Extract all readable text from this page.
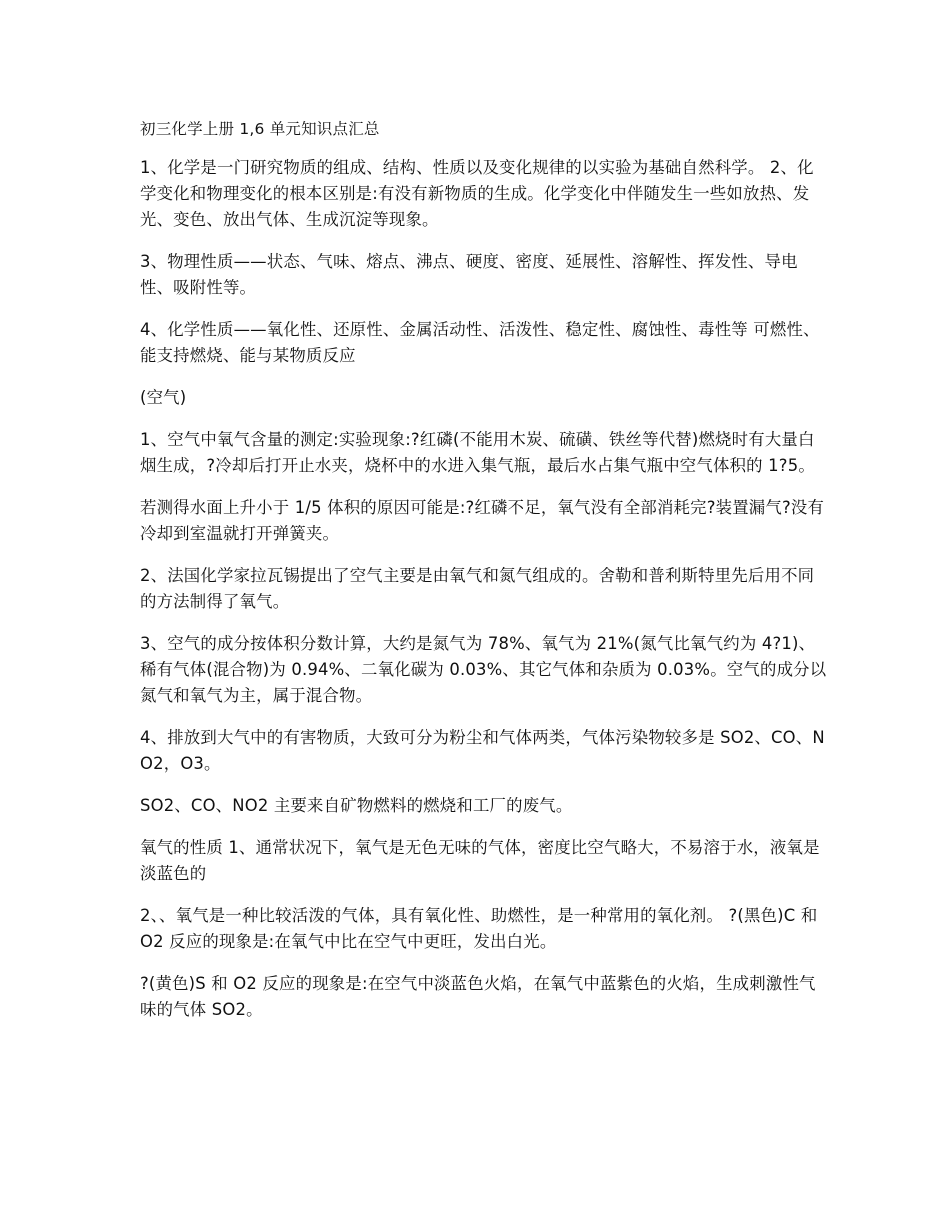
初三化学上册 1,6 单元知识点汇总
1、化学是一门研究物质的组成、结构、性质以及变化规律的以实验为基础自然科学。 2、化学变化和物理变化的根本区别是:有没有新物质的生成。化学变化中伴随发生一些如放热、发光、变色、放出气体、生成沉淀等现象。
3、物理性质——状态、气味、熔点、沸点、硬度、密度、延展性、溶解性、挥发性、导电性、吸附性等。
4、化学性质——氧化性、还原性、金属活动性、活泼性、稳定性、腐蚀性、毒性等 可燃性、能支持燃烧、能与某物质反应
(空气)
1、空气中氧气含量的测定:实验现象:?红磷(不能用木炭、硫磺、铁丝等代替)燃烧时有大量白烟生成，?冷却后打开止水夹，烧杯中的水进入集气瓶，最后水占集气瓶中空气体积的 1?5。
若测得水面上升小于 1/5 体积的原因可能是:?红磷不足，氧气没有全部消耗完?装置漏气?没有冷却到室温就打开弹簧夹。
2、法国化学家拉瓦锡提出了空气主要是由氧气和氮气组成的。舍勒和普利斯特里先后用不同的方法制得了氧气。
3、空气的成分按体积分数计算，大约是氮气为 78%、氧气为 21%(氮气比氧气约为 4?1)、稀有气体(混合物)为 0.94%、二氧化碳为 0.03%、其它气体和杂质为 0.03%。空气的成分以氮气和氧气为主，属于混合物。
4、排放到大气中的有害物质，大致可分为粉尘和气体两类，气体污染物较多是 SO2、CO、NO2，O3。
SO2、CO、NO2 主要来自矿物燃料的燃烧和工厂的废气。
氧气的性质 1、通常状况下，氧气是无色无味的气体，密度比空气略大，不易溶于水，液氧是淡蓝色的
2、、氧气是一种比较活泼的气体，具有氧化性、助燃性，是一种常用的氧化剂。 ?(黑色)C 和 O2 反应的现象是:在氧气中比在空气中更旺，发出白光。
?(黄色)S 和 O2 反应的现象是:在空气中淡蓝色火焰，在氧气中蓝紫色的火焰，生成刺激性气味的气体 SO2。
